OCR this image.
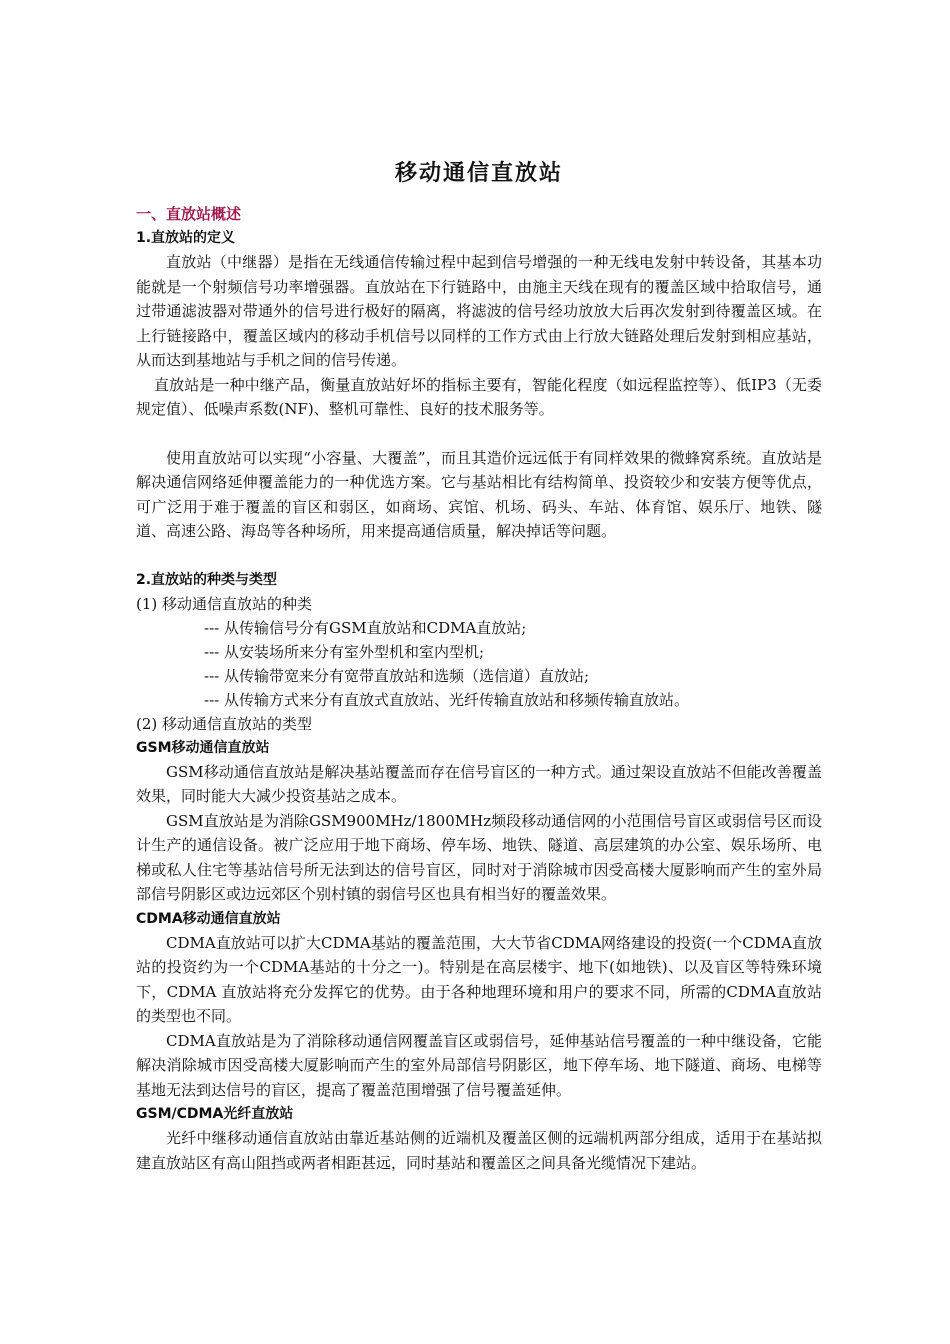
移动通信直放站
一、直放站概述
1.直放站的定义

直放站（中继器）是指在无线通信传输过程中起到信号增强的一种无线电发射中转设备，其基本功能就是一个射频信号功率增强器。直放站在下行链路中，由施主天线在现有的覆盖区域中拾取信号，通过带通滤波器对带通外的信号进行极好的隔离，将滤波的信号经功放放大后再次发射到待覆盖区域。在上行链接路中，覆盖区域内的移动手机信号以同样的工作方式由上行放大链路处理后发射到相应基站，从而达到基地站与手机之间的信号传递。

直放站是一种中继产品，衡量直放站好坏的指标主要有，智能化程度（如远程监控等）、低IP3（无委规定值）、低噪声系数(NF)、整机可靠性、良好的技术服务等。

使用直放站可以实现“小容量、大覆盖”，而且其造价远远低于有同样效果的微蜂窝系统。直放站是解决通信网络延伸覆盖能力的一种优选方案。它与基站相比有结构简单、投资较少和安装方便等优点，可广泛用于难于覆盖的盲区和弱区，如商场、宾馆、机场、码头、车站、体育馆、娱乐厅、地铁、隧道、高速公路、海岛等各种场所，用来提高通信质量，解决掉话等问题。

2.直放站的种类与类型
(1) 移动通信直放站的种类
--- 从传输信号分有GSM直放站和CDMA直放站;
--- 从安装场所来分有室外型机和室内型机;
--- 从传输带宽来分有宽带直放站和选频（选信道）直放站;
--- 从传输方式来分有直放式直放站、光纤传输直放站和移频传输直放站。
(2) 移动通信直放站的类型
GSM移动通信直放站

GSM移动通信直放站是解决基站覆盖而存在信号盲区的一种方式。通过架设直放站不但能改善覆盖效果，同时能大大减少投资基站之成本。

GSM直放站是为消除GSM900MHz/1800MHz频段移动通信网的小范围信号盲区或弱信号区而设计生产的通信设备。被广泛应用于地下商场、停车场、地铁、隧道、高层建筑的办公室、娱乐场所、电梯或私人住宅等基站信号所无法到达的信号盲区，同时对于消除城市因受高楼大厦影响而产生的室外局部信号阴影区或边远郊区个别村镇的弱信号区也具有相当好的覆盖效果。

CDMA移动通信直放站

CDMA直放站可以扩大CDMA基站的覆盖范围，大大节省CDMA网络建设的投资(一个CDMA直放站的投资约为一个CDMA基站的十分之一)。特别是在高层楼宇、地下(如地铁)、以及盲区等特殊环境下，CDMA 直放站将充分发挥它的优势。由于各种地理环境和用户的要求不同，所需的CDMA直放站的类型也不同。

CDMA直放站是为了消除移动通信网覆盖盲区或弱信号，延伸基站信号覆盖的一种中继设备，它能解决消除城市因受高楼大厦影响而产生的室外局部信号阴影区，地下停车场、地下隧道、商场、电梯等基地无法到达信号的盲区，提高了覆盖范围增强了信号覆盖延伸。

GSM/CDMA光纤直放站

光纤中继移动通信直放站由靠近基站侧的近端机及覆盖区侧的远端机两部分组成，适用于在基站拟建直放站区有高山阻挡或两者相距甚远，同时基站和覆盖区之间具备光缆情况下建站。
